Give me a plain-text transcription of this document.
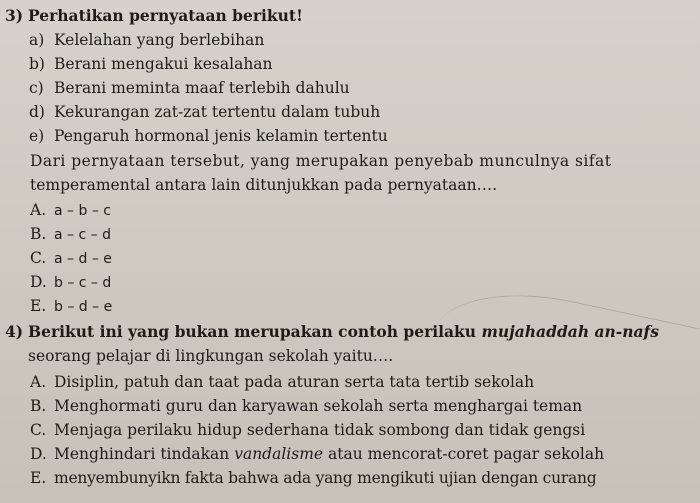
3) Perhatikan pernyataan berikut!
a) Kelelahan yang berlebihan
b) Berani mengakui kesalahan
c) Berani meminta maaf terlebih dahulu
d) Kekurangan zat-zat tertentu dalam tubuh
e) Pengaruh hormonal jenis kelamin tertentu
Dari pernyataan tersebut, yang merupakan penyebab munculnya sifat
temperamental antara lain ditunjukkan pada pernyataan….
A. a – b – c
B. a – c – d
C. a – d – e
D. b – c – d
E. b – d – e
4) Berikut ini yang bukan merupakan contoh perilaku mujahaddah an-nafs
seorang pelajar di lingkungan sekolah yaitu….
A. Disiplin, patuh dan taat pada aturan serta tata tertib sekolah
B. Menghormati guru dan karyawan sekolah serta menghargai teman
C. Menjaga perilaku hidup sederhana tidak sombong dan tidak gengsi
D. Menghindari tindakan vandalisme atau mencorat-coret pagar sekolah
E. menyembunyikn fakta bahwa ada yang mengikuti ujian dengan curang
